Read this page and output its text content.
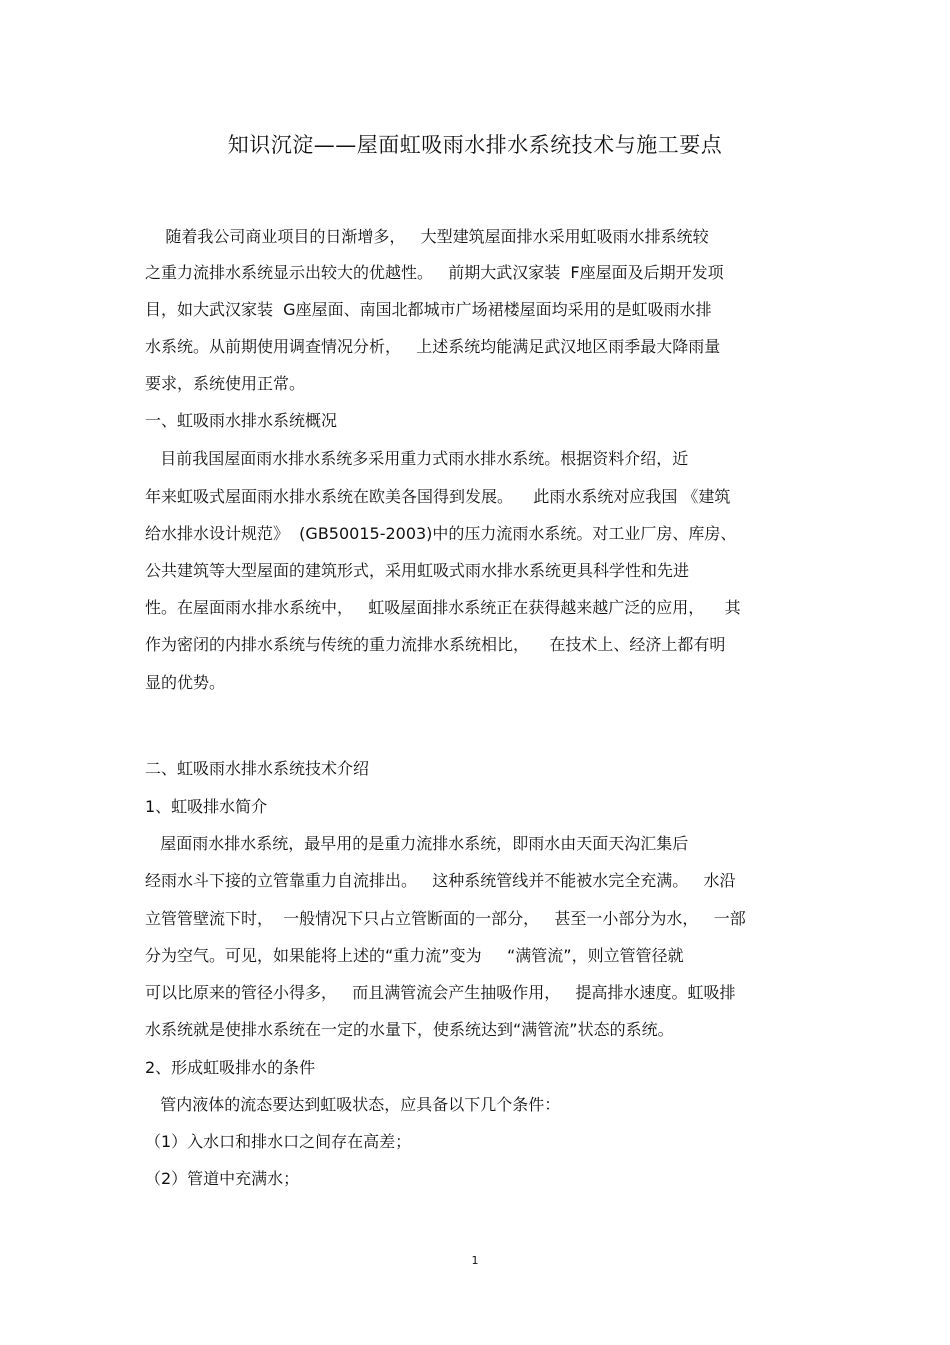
知识沉淀——屋面虹吸雨水排水系统技术与施工要点
随着我公司商业项目的日渐增多，   大型建筑屋面排水采用虹吸雨水排系统较
之重力流排水系统显示出较大的优越性。   前期大武汉家装  F座屋面及后期开发项
目，如大武汉家装  G座屋面、南国北都城市广场裙楼屋面均采用的是虹吸雨水排
水系统。从前期使用调查情况分析，   上述系统均能满足武汉地区雨季最大降雨量
要求，系统使用正常。
一、虹吸雨水排水系统概况
目前我国屋面雨水排水系统多采用重力式雨水排水系统。根据资料介绍，近
年来虹吸式屋面雨水排水系统在欧美各国得到发展。    此雨水系统对应我国 《建筑
给水排水设计规范》  (GB50015-2003)中的压力流雨水系统。对工业厂房、库房、
公共建筑等大型屋面的建筑形式，采用虹吸式雨水排水系统更具科学性和先进
性。在屋面雨水排水系统中，   虹吸屋面排水系统正在获得越来越广泛的应用，    其
作为密闭的内排水系统与传统的重力流排水系统相比，    在技术上、经济上都有明
显的优势。
二、虹吸雨水排水系统技术介绍
1、虹吸排水简介
屋面雨水排水系统，最早用的是重力流排水系统，即雨水由天面天沟汇集后
经雨水斗下接的立管靠重力自流排出。   这种系统管线并不能被水完全充满。   水沿
立管管壁流下时，  一般情况下只占立管断面的一部分，   甚至一小部分为水，   一部
分为空气。可见，如果能将上述的“重力流”变为     “满管流”，则立管管径就
可以比原来的管径小得多，   而且满管流会产生抽吸作用，   提高排水速度。虹吸排
水系统就是使排水系统在一定的水量下，使系统达到“满管流”状态的系统。
2、形成虹吸排水的条件
管内液体的流态要达到虹吸状态，应具备以下几个条件：
（1）入水口和排水口之间存在高差；
（2）管道中充满水；
1
